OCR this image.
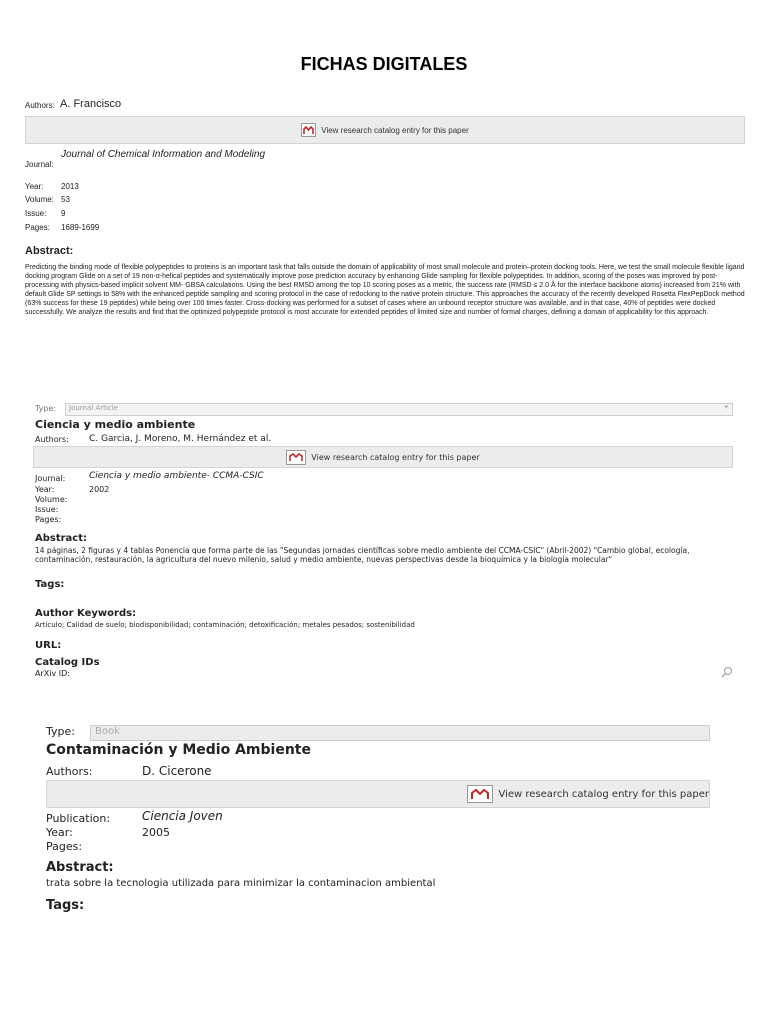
FICHAS DIGITALES
Authors: A. Francisco
View research catalog entry for this paper
Journal:
Journal of Chemical Information and Modeling
Year: 2013
Volume: 53
Issue: 9
Pages: 1689-1699
Abstract:
Predicting the binding mode of flexible polypeptides to proteins is an important task that falls outside the domain of applicability of most small molecule and protein–protein docking tools. Here, we test the small molecule flexible ligand docking program Glide on a set of 19 non-α-helical peptides and systematically improve pose prediction accuracy by enhancing Glide sampling for flexible polypeptides. In addition, scoring of the poses was improved by post-processing with physics-based implicit solvent MM- GBSA calculations. Using the best RMSD among the top 10 scoring poses as a metric, the success rate (RMSD ≤ 2.0 Å for the interface backbone atoms) increased from 21% with default Glide SP settings to 58% with the enhanced peptide sampling and scoring protocol in the case of redocking to the native protein structure. This approaches the accuracy of the recently developed Rosetta FlexPepDock method (63% success for these 19 peptides) while being over 100 times faster. Cross-docking was performed for a subset of cases where an unbound receptor structure was available, and in that case, 40% of peptides were docked successfully. We analyze the results and find that the optimized polypeptide protocol is most accurate for extended peptides of limited size and number of formal charges, defining a domain of applicability for this approach.
Type: Journal Article	▾
Ciencia y medio ambiente
Authors: C. Garcia, J. Moreno, M. Hernández et al.
View research catalog entry for this paper
Journal:	Ciencia y medio ambiente- CCMA-CSIC
Year:	2002
Volume:
Issue:
Pages:
Abstract:
14 páginas, 2 figuras y 4 tablas Ponencia que forma parte de las "Segundas jornadas científicas sobre medio ambiente del CCMA-CSIC" (Abril-2002) "Cambio global, ecología, contaminación, restauración, la agricultura del nuevo milenio, salud y medio ambiente, nuevas perspectivas desde la bioquímica y la biología molecular"
Tags:
Author Keywords:
Artículo; Calidad de suelo; biodisponibilidad; contaminación; detoxificación; metales pesados; sostenibilidad
URL:
Catalog IDs
ArXiv ID:
Type: Book
Contaminación y Medio Ambiente
Authors:	D. Cicerone
View research catalog entry for this paper
Publication:	Ciencia Joven
Year:	2005
Pages:
Abstract:
trata sobre la tecnologia utilizada para minimizar la contaminacion ambiental
Tags:
